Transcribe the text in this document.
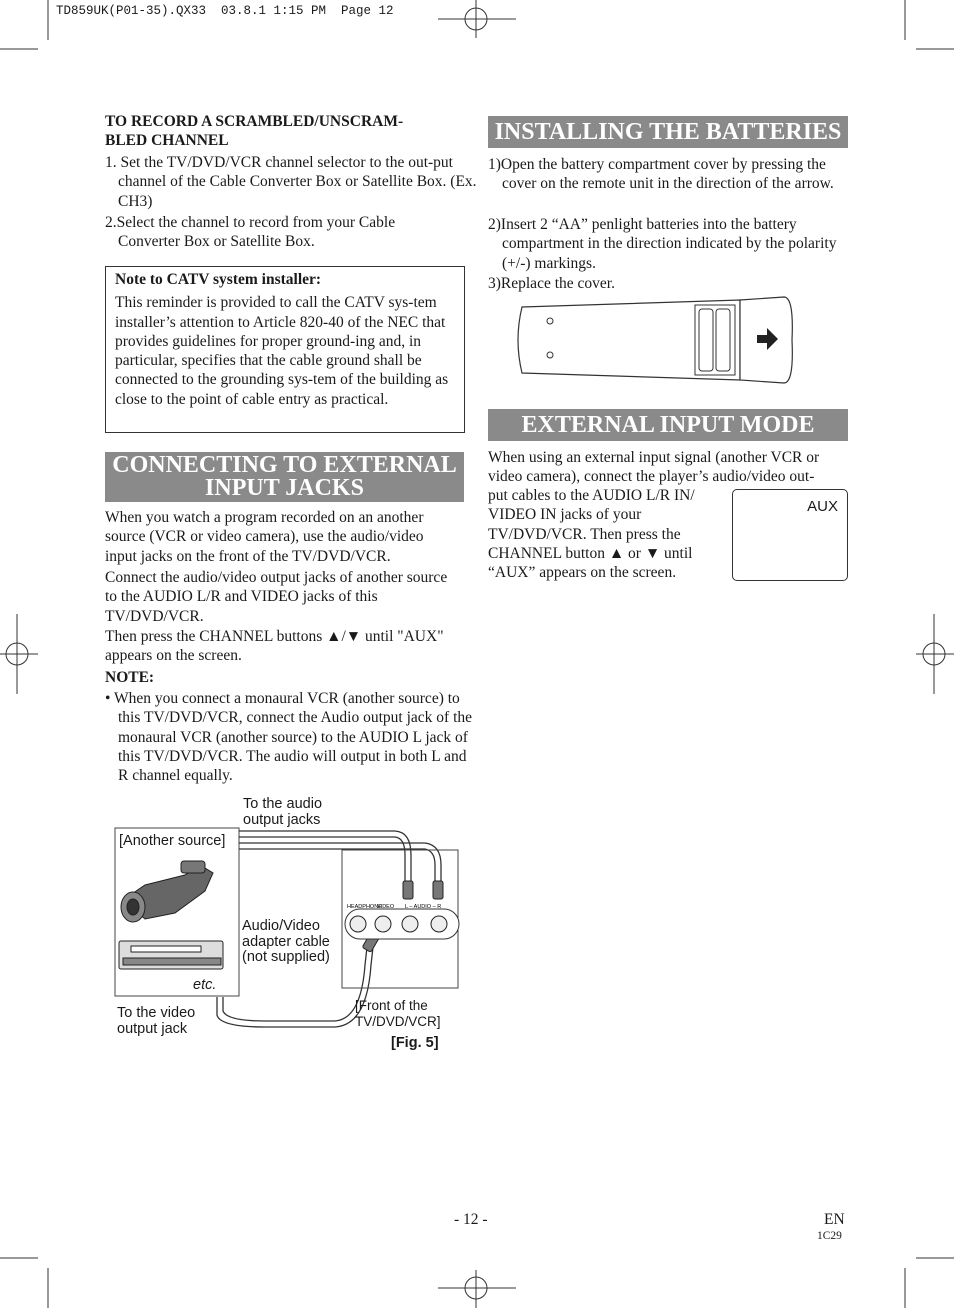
TD859UK(P01-35).QX33  03.8.1 1:15 PM  Page 12
TO RECORD A SCRAMBLED/UNSCRAM-BLED CHANNEL
1. Set the TV/DVD/VCR channel selector to the out-put channel of the Cable Converter Box or Satellite Box. (Ex. CH3)
2.Select the channel to record from your Cable Converter Box or Satellite Box.
Note to CATV system installer:
This reminder is provided to call the CATV sys-tem installer’s attention to Article 820-40 of the NEC that provides guidelines for proper ground-ing and, in particular, specifies that the cable ground shall be connected to the grounding sys-tem of the building as close to the point of cable entry as practical.
CONNECTING TO EXTERNAL
INPUT JACKS
When you watch a program recorded on an another source (VCR or video camera), use the audio/video input jacks on the front of the TV/DVD/VCR.
Connect the audio/video output jacks of another source to the AUDIO L/R and VIDEO jacks of this TV/DVD/VCR.
Then press the CHANNEL buttons ▲/▼ until "AUX" appears on the screen.
NOTE:
• When you connect a monaural VCR (another source) to this TV/DVD/VCR, connect the Audio output jack of the monaural VCR (another source) to the AUDIO L jack of this TV/DVD/VCR. The audio will output in both L and R channel equally.
HEADPHONE
VIDEO L – AUDIO – R
To the audio output jacks
[Another source]
etc.
Audio/Video adapter cable (not supplied)
To the video output jack
[Front of the TV/DVD/VCR]
[Fig. 5]
INSTALLING THE BATTERIES
1)Open the battery compartment cover by pressing the cover on the remote unit in the direction of the arrow.
2)Insert 2 “AA” penlight batteries into the battery compartment in the direction indicated by the polarity (+/-) markings.
3)Replace the cover.
EXTERNAL INPUT MODE
When using an external input signal (another VCR or video camera), connect the player’s audio/video out-
put cables to the AUDIO L/R IN/ VIDEO IN jacks of your TV/DVD/VCR. Then press the CHANNEL button ▲ or ▼ until “AUX” appears on the screen.
AUX
- 12 -	EN
1C29
